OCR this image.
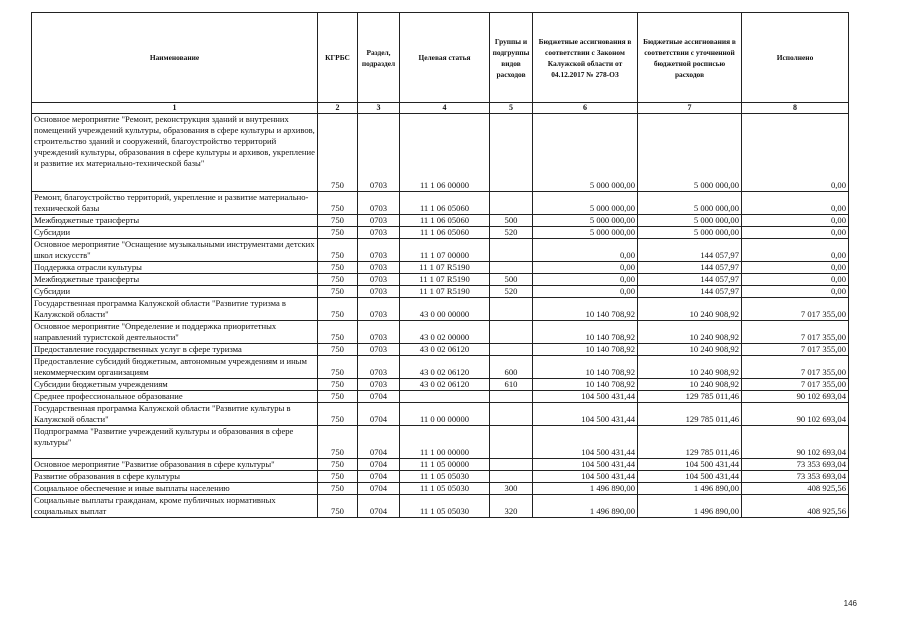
Наименование	КГРБС	Раздел, подраздел	Целевая статья	Группы и подгруппы видов расходов	Бюджетные ассигнования в соответствии с Законом Калужской области от 04.12.2017 № 278-ОЗ	Бюджетные ассигнования в соответствии с уточненной бюджетной росписью расходов	Исполнено
1	2	3	4	5	6	7	8
Основное мероприятие "Ремонт, реконструкция зданий и внутренних помещений учреждений культуры, образования в сфере культуры и архивов, строительство зданий и сооружений, благоустройство территорий учреждений культуры, образования в сфере культуры и архивов, укрепление и развитие их материально-технической базы"	750	0703	11 1 06 00000		5 000 000,00	5 000 000,00	0,00
Ремонт, благоустройство территорий, укрепление и развитие материально-технической базы	750	0703	11 1 06 05060		5 000 000,00	5 000 000,00	0,00
Межбюджетные трансферты	750	0703	11 1 06 05060	500	5 000 000,00	5 000 000,00	0,00
Субсидии	750	0703	11 1 06 05060	520	5 000 000,00	5 000 000,00	0,00
Основное мероприятие "Оснащение музыкальными инструментами детских школ искусств"	750	0703	11 1 07 00000		0,00	144 057,97	0,00
Поддержка отрасли культуры	750	0703	11 1 07 R5190		0,00	144 057,97	0,00
Межбюджетные трансферты	750	0703	11 1 07 R5190	500	0,00	144 057,97	0,00
Субсидии	750	0703	11 1 07 R5190	520	0,00	144 057,97	0,00
Государственная программа Калужской области "Развитие туризма в Калужской области"	750	0703	43 0 00 00000		10 140 708,92	10 240 908,92	7 017 355,00
Основное мероприятие "Определение и поддержка приоритетных направлений туристской деятельности"	750	0703	43 0 02 00000		10 140 708,92	10 240 908,92	7 017 355,00
Предоставление государственных услуг в сфере туризма	750	0703	43 0 02 06120		10 140 708,92	10 240 908,92	7 017 355,00
Предоставление субсидий бюджетным, автономным учреждениям и иным некоммерческим организациям	750	0703	43 0 02 06120	600	10 140 708,92	10 240 908,92	7 017 355,00
Субсидии бюджетным учреждениям	750	0703	43 0 02 06120	610	10 140 708,92	10 240 908,92	7 017 355,00
Среднее профессиональное образование	750	0704			104 500 431,44	129 785 011,46	90 102 693,04
Государственная программа Калужской области "Развитие культуры в Калужской области"	750	0704	11 0 00 00000		104 500 431,44	129 785 011,46	90 102 693,04
Подпрограмма "Развитие учреждений культуры и образования в сфере культуры"	750	0704	11 1 00 00000		104 500 431,44	129 785 011,46	90 102 693,04
Основное мероприятие "Развитие образования в сфере культуры"	750	0704	11 1 05 00000		104 500 431,44	104 500 431,44	73 353 693,04
Развитие образования в сфере культуры	750	0704	11 1 05 05030		104 500 431,44	104 500 431,44	73 353 693,04
Социальное обеспечение и иные выплаты населению	750	0704	11 1 05 05030	300	1 496 890,00	1 496 890,00	408 925,56
Социальные выплаты гражданам, кроме публичных нормативных социальных выплат	750	0704	11 1 05 05030	320	1 496 890,00	1 496 890,00	408 925,56
146
